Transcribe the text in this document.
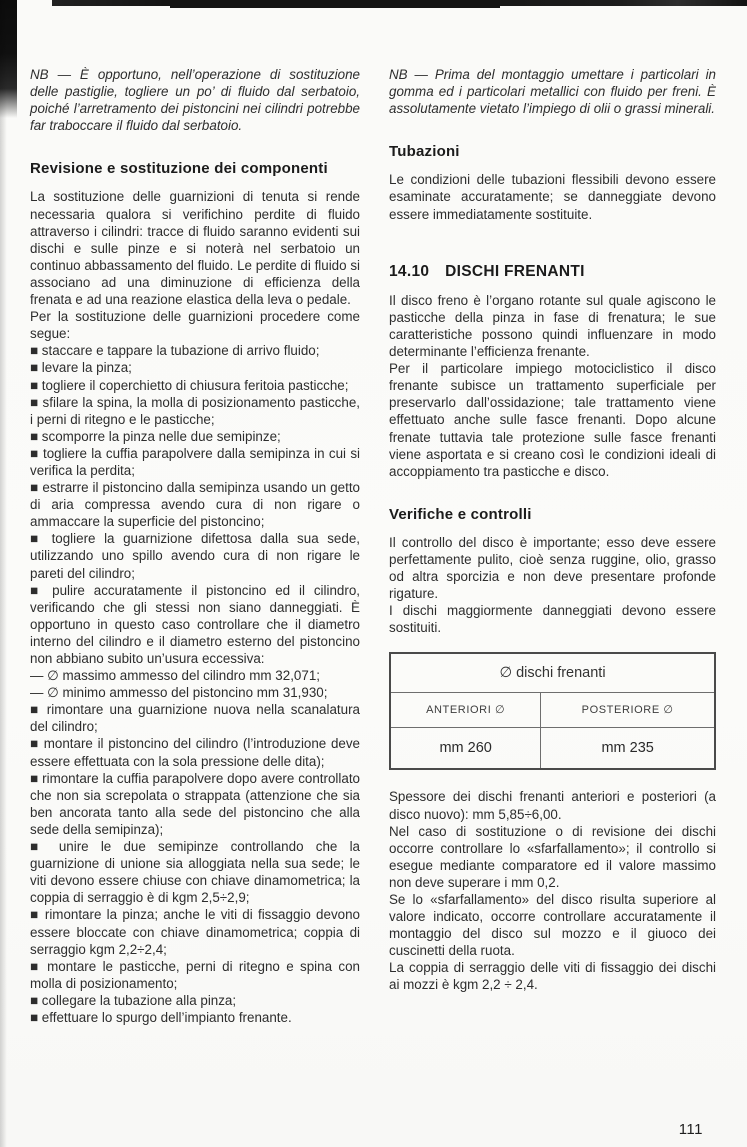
NB — È opportuno, nell’operazione di sostituzione delle pastiglie, togliere un po’ di fluido dal serbatoio, poiché l’arretramento dei pistoncini nei cilindri potrebbe far traboccare il fluido dal serbatoio.

Revisione e sostituzione dei componenti

La sostituzione delle guarnizioni di tenuta si rende necessaria qualora si verifichino perdite di fluido attraverso i cilindri: tracce di fluido saranno evidenti sui dischi e sulle pinze e si noterà nel serbatoio un continuo abbassamento del fluido. Le perdite di fluido si associano ad una diminuzione di efficienza della frenata e ad una reazione elastica della leva o pedale.

Per la sostituzione delle guarnizioni procedere come segue:

■ staccare e tappare la tubazione di arrivo fluido;

■ levare la pinza;

■ togliere il coperchietto di chiusura feritoia pasticche;

■ sfilare la spina, la molla di posizionamento pasticche, i perni di ritegno e le pasticche;

■ scomporre la pinza nelle due semipinze;

■ togliere la cuffia parapolvere dalla semipinza in cui si verifica la perdita;

■ estrarre il pistoncino dalla semipinza usando un getto di aria compressa avendo cura di non rigare o ammaccare la superficie del pistoncino;

■ togliere la guarnizione difettosa dalla sua sede, utilizzando uno spillo avendo cura di non rigare le pareti del cilindro;

■ pulire accuratamente il pistoncino ed il cilindro, verificando che gli stessi non siano danneggiati. È opportuno in questo caso controllare che il diametro interno del cilindro e il diametro esterno del pistoncino non abbiano subito un’usura eccessiva:

— ∅ massimo ammesso del cilindro mm 32,071;

— ∅ minimo ammesso del pistoncino mm 31,930;

■ rimontare una guarnizione nuova nella scanalatura del cilindro;

■ montare il pistoncino del cilindro (l’introduzione deve essere effettuata con la sola pressione delle dita);

■ rimontare la cuffia parapolvere dopo avere controllato che non sia screpolata o strappata (attenzione che sia ben ancorata tanto alla sede del pistoncino che alla sede della semipinza);

■ unire le due semipinze controllando che la guarnizione di unione sia alloggiata nella sua sede; le viti devono essere chiuse con chiave dinamometrica; la coppia di serraggio è di kgm 2,5÷2,9;

■ rimontare la pinza; anche le viti di fissaggio devono essere bloccate con chiave dinamometrica; coppia di serraggio kgm 2,2÷2,4;

■ montare le pasticche, perni di ritegno e spina con molla di posizionamento;

■ collegare la tubazione alla pinza;

■ effettuare lo spurgo dell’impianto frenante.

NB — Prima del montaggio umettare i particolari in gomma ed i particolari metallici con fluido per freni. È assolutamente vietato l’impiego di olii o grassi minerali.

Tubazioni

Le condizioni delle tubazioni flessibili devono essere esaminate accuratamente; se danneggiate devono essere immediatamente sostituite.

14.10 DISCHI FRENANTI

Il disco freno è l’organo rotante sul quale agiscono le pasticche della pinza in fase di frenatura; le sue caratteristiche possono quindi influenzare in modo determinante l’efficienza frenante.

Per il particolare impiego motociclistico il disco frenante subisce un trattamento superficiale per preservarlo dall’ossidazione; tale trattamento viene effettuato anche sulle fasce frenanti. Dopo alcune frenate tuttavia tale protezione sulle fasce frenanti viene asportata e si creano così le condizioni ideali di accoppiamento tra pasticche e disco.

Verifiche e controlli

Il controllo del disco è importante; esso deve essere perfettamente pulito, cioè senza ruggine, olio, grasso od altra sporcizia e non deve presentare profonde rigature.

I dischi maggiormente danneggiati devono essere sostituiti.

∅ dischi frenanti	
ANTERIORI ∅	POSTERIORE ∅
mm 260	mm 235

Spessore dei dischi frenanti anteriori e posteriori (a disco nuovo): mm 5,85÷6,00.

Nel caso di sostituzione o di revisione dei dischi occorre controllare lo «sfarfallamento»; il controllo si esegue mediante comparatore ed il valore massimo non deve superare i mm 0,2.

Se lo «sfarfallamento» del disco risulta superiore al valore indicato, occorre controllare accuratamente il montaggio del disco sul mozzo e il giuoco dei cuscinetti della ruota.

La coppia di serraggio delle viti di fissaggio dei dischi ai mozzi è kgm 2,2 ÷ 2,4.

111
